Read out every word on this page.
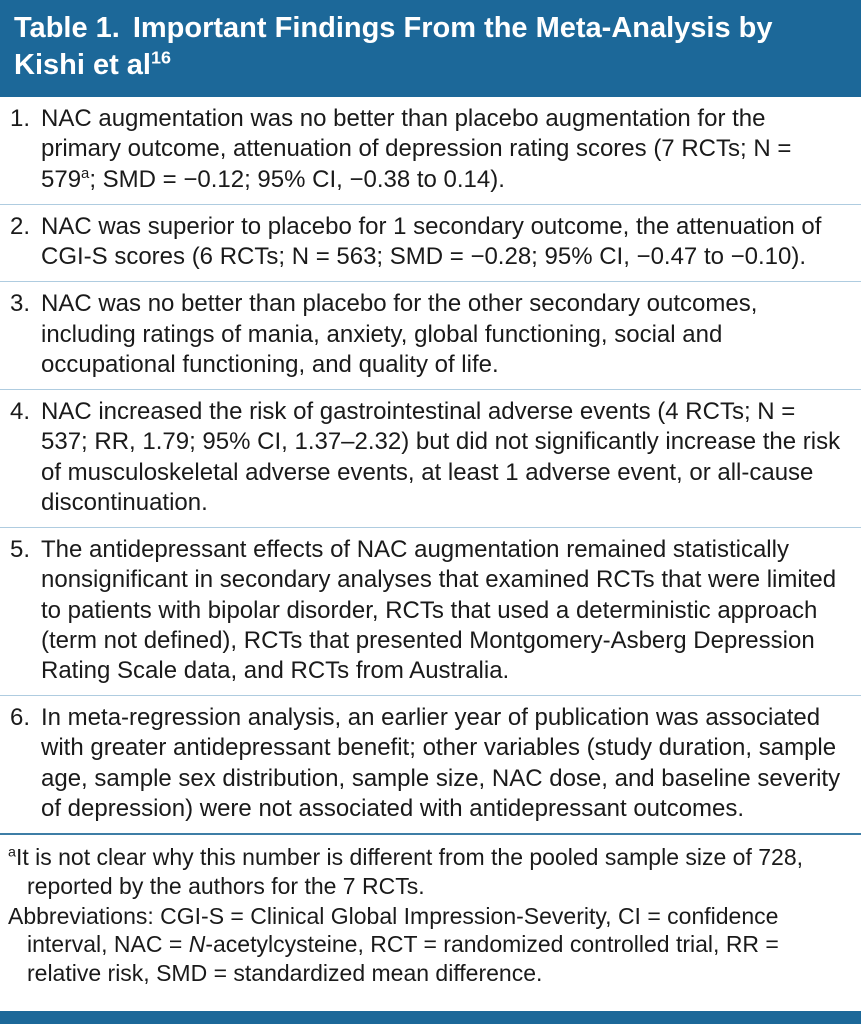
Table 1. Important Findings From the Meta-Analysis by Kishi et $al^{16}$
1. NAC augmentation was no better than placebo augmentation for the primary outcome, attenuation of depression rating scores (7 RCTs; $N = 579^a$; SMD = −0.12; 95% CI, −0.38 to 0.14).
2. NAC was superior to placebo for 1 secondary outcome, the attenuation of CGI-S scores (6 RCTs; N = 563; SMD = −0.28; 95% CI, −0.47 to −0.10).
3. NAC was no better than placebo for the other secondary outcomes, including ratings of mania, anxiety, global functioning, social and occupational functioning, and quality of life.
4. NAC increased the risk of gastrointestinal adverse events (4 RCTs; N = 537; RR, 1.79; 95% CI, 1.37–2.32) but did not significantly increase the risk of musculoskeletal adverse events, at least 1 adverse event, or all-cause discontinuation.
5. The antidepressant effects of NAC augmentation remained statistically nonsignificant in secondary analyses that examined RCTs that were limited to patients with bipolar disorder, RCTs that used a deterministic approach (term not defined), RCTs that presented Montgomery-Asberg Depression Rating Scale data, and RCTs from Australia.
6. In meta-regression analysis, an earlier year of publication was associated with greater antidepressant benefit; other variables (study duration, sample age, sample sex distribution, sample size, NAC dose, and baseline severity of depression) were not associated with antidepressant outcomes.
$^a$It is not clear why this number is different from the pooled sample size of 728, reported by the authors for the 7 RCTs.
Abbreviations: CGI-S = Clinical Global Impression-Severity, CI = confidence interval, NAC = N-acetylcysteine, RCT = randomized controlled trial, RR = relative risk, SMD = standardized mean difference.
